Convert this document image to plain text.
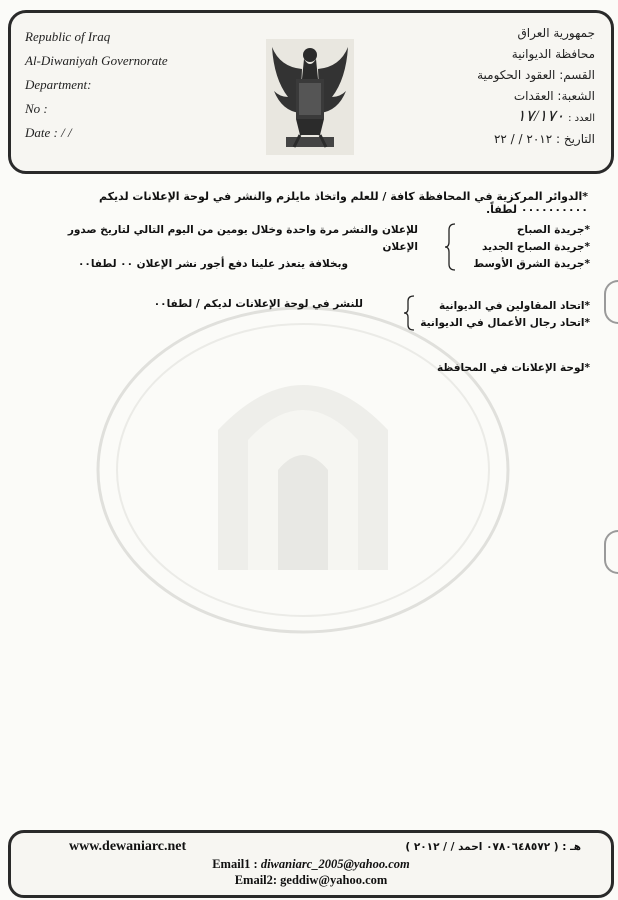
Republic of Iraq
Al-Diwaniyah Governorate
Department:
No :
Date : / /
جمهورية العراق
محافظة الديوانية
القسم: العقود الحكومية
الشعبة: العقدات
العدد : ١٧/١٧٠
التاريخ : ٢٠١٢ / / ٢٢
*الدوائر المركزية في المحافظة كافة / للعلم واتخاذ مايلزم والنشر في لوحة الإعلانات لديكم ٠٠٠٠٠٠٠٠٠٠ لطفاً.
*جريدة الصباح
*جريدة الصباح الجديد
*جريدة الشرق الأوسط
للإعلان والنشر مرة واحدة وخلال يومين من اليوم التالي لتاريخ صدور الإعلان
وبخلافة يتعذر علينا دفع أجور نشر الإعلان ٠٠ لطفا٠٠
*اتحاد المقاولين في الديوانية
*اتحاد رجال الأعمال في الديوانية
للنشر في لوحة الإعلانات لديكم / لطفا٠٠
*لوحة الإعلانات في المحافظة
www.dewaniarc.net	هـ : ( ٠٧٨٠٦٤٨٥٧٢ احمد / / ٢٠١٢ )
Email1 : diwaniarc_2005@yahoo.com
Email2: geddiw@yahoo.com
